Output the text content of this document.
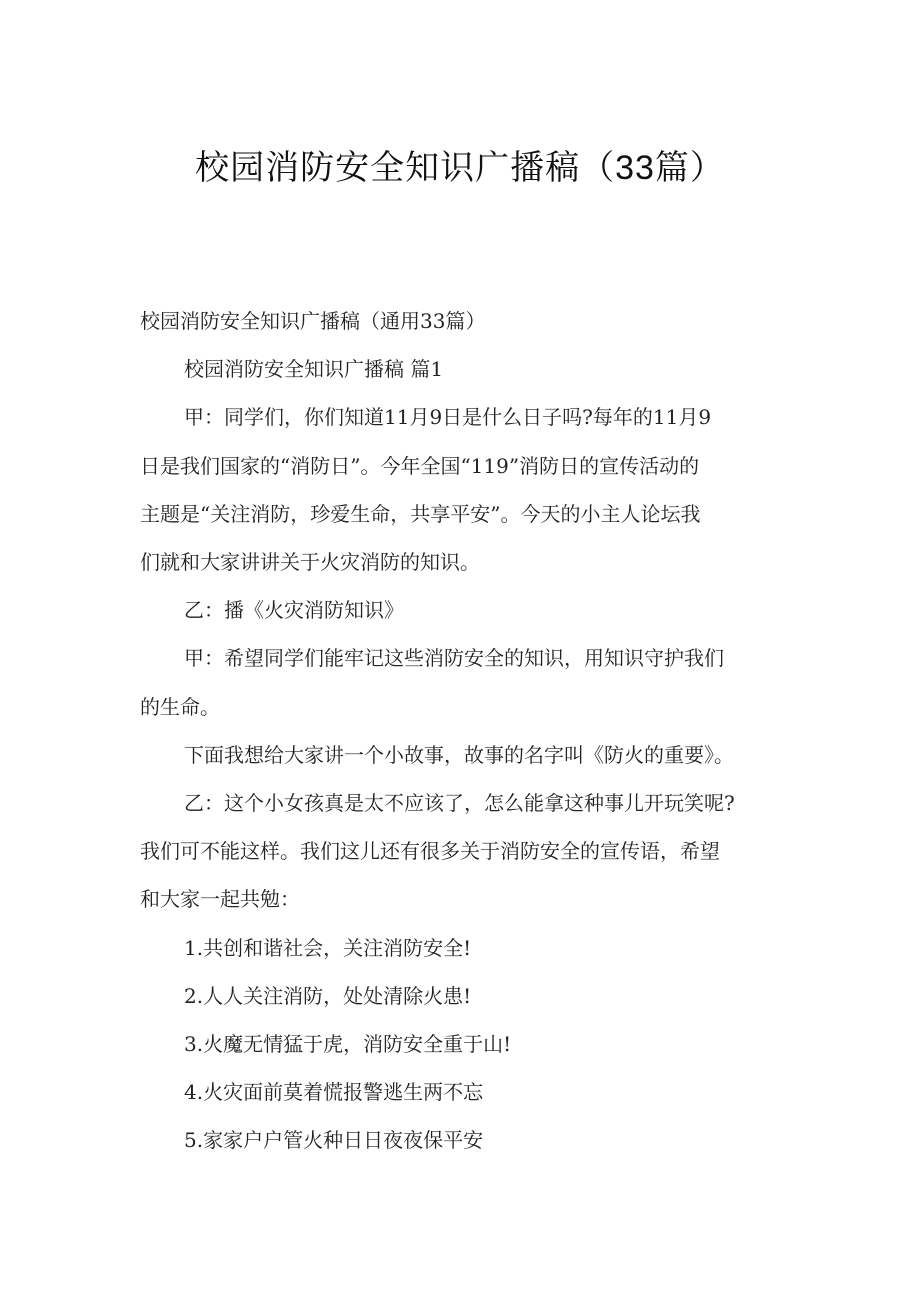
校园消防安全知识广播稿（33篇）

校园消防安全知识广播稿（通用33篇）

校园消防安全知识广播稿 篇1

甲：同学们，你们知道11月9日是什么日子吗?每年的11月9
日是我们国家的“消防日”。今年全国“119”消防日的宣传活动的
主题是“关注消防，珍爱生命，共享平安”。今天的小主人论坛我
们就和大家讲讲关于火灾消防的知识。

乙：播《火灾消防知识》

甲：希望同学们能牢记这些消防安全的知识，用知识守护我们
的生命。

下面我想给大家讲一个小故事，故事的名字叫《防火的重要》。

乙：这个小女孩真是太不应该了，怎么能拿这种事儿开玩笑呢?
我们可不能这样。我们这儿还有很多关于消防安全的宣传语，希望
和大家一起共勉：

1.共创和谐社会，关注消防安全!

2.人人关注消防，处处清除火患!

3.火魔无情猛于虎，消防安全重于山!

4.火灾面前莫着慌报警逃生两不忘

5.家家户户管火种日日夜夜保平安
